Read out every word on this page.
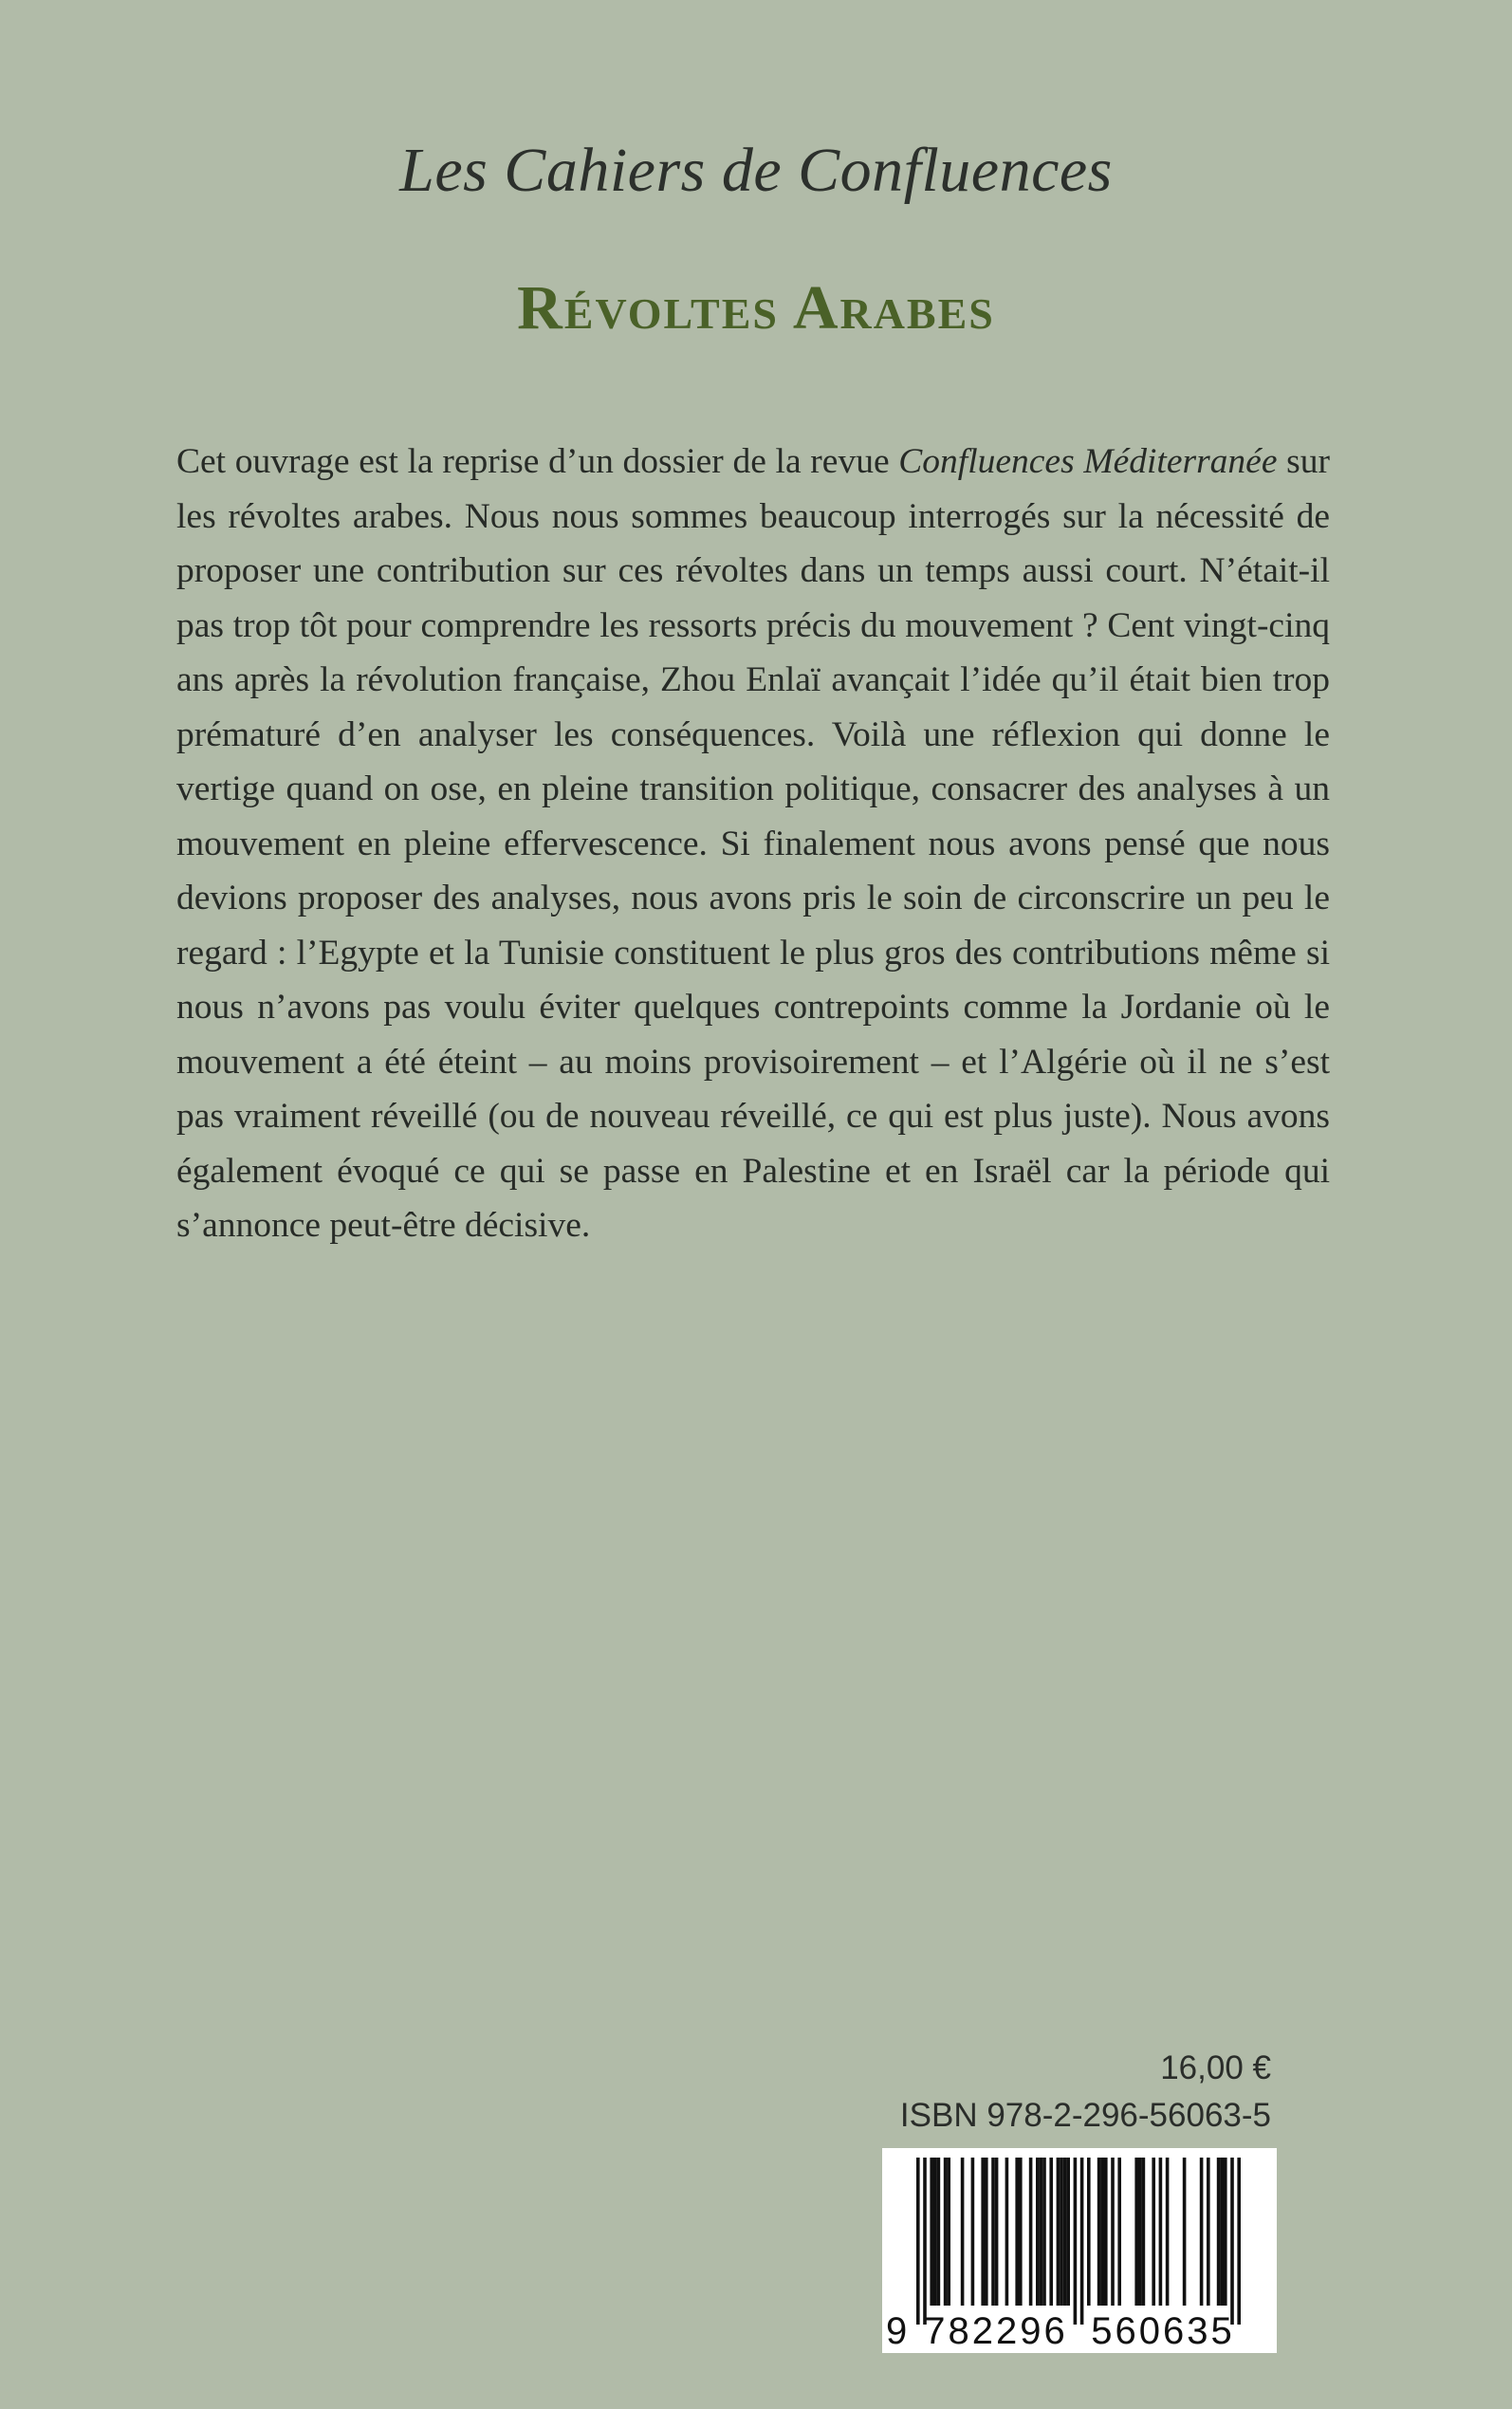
Les Cahiers de Confluences
Révoltes Arabes

Cet ouvrage est la reprise d’un dossier de la revue Confluences Méditerranée sur les révoltes arabes. Nous nous sommes beaucoup interrogés sur la nécessité de proposer une contribution sur ces révoltes dans un temps aussi court. N’était-il pas trop tôt pour comprendre les ressorts précis du mouvement ? Cent vingt-cinq ans après la révolution française, Zhou Enlaï avançait l’idée qu’il était bien trop prématuré d’en analyser les conséquences. Voilà une réflexion qui donne le vertige quand on ose, en pleine transition politique, consacrer des analyses à un mouvement en pleine effervescence. Si finalement nous avons pensé que nous devions proposer des analyses, nous avons pris le soin de circonscrire un peu le regard : l’Egypte et la Tunisie constituent le plus gros des contributions même si nous n’avons pas voulu éviter quelques contrepoints comme la Jordanie où le mouvement a été éteint – au moins provisoirement – et l’Algérie où il ne s’est pas vraiment réveillé (ou de nouveau réveillé, ce qui est plus juste). Nous avons également évoqué ce qui se passe en Palestine et en Israël car la période qui s’annonce peut-être décisive.

16,00 €
ISBN 978-2-296-56063-5
9 782296 560635
